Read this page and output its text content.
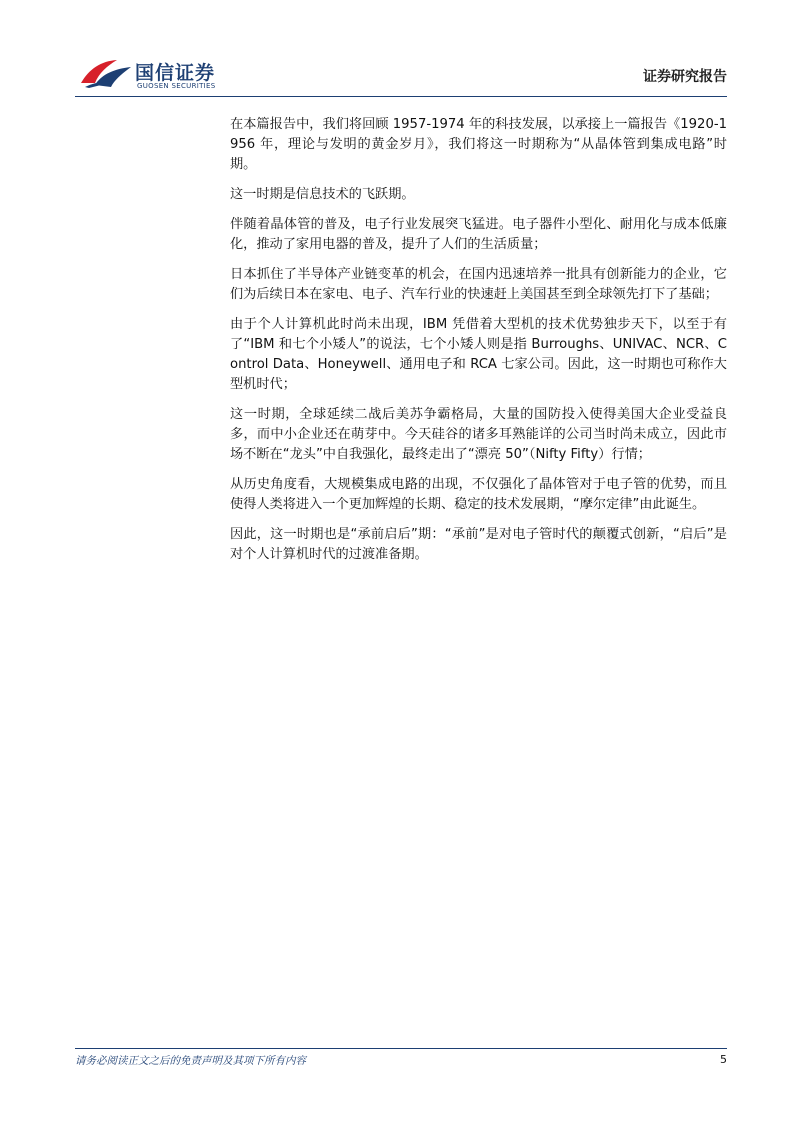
国信证券
GUOSEN SECURITIES
证券研究报告

在本篇报告中，我们将回顾 1957-1974 年的科技发展，以承接上一篇报告《1920-1956 年，理论与发明的黄金岁月》，我们将这一时期称为“从晶体管到集成电路”时期。

这一时期是信息技术的飞跃期。

伴随着晶体管的普及，电子行业发展突飞猛进。电子器件小型化、耐用化与成本低廉化，推动了家用电器的普及，提升了人们的生活质量；

日本抓住了半导体产业链变革的机会，在国内迅速培养一批具有创新能力的企业，它们为后续日本在家电、电子、汽车行业的快速赶上美国甚至到全球领先打下了基础；

由于个人计算机此时尚未出现，IBM 凭借着大型机的技术优势独步天下，以至于有了“IBM 和七个小矮人”的说法，七个小矮人则是指 Burroughs、UNIVAC、NCR、Control Data、Honeywell、通用电子和 RCA 七家公司。因此，这一时期也可称作大型机时代；

这一时期，全球延续二战后美苏争霸格局，大量的国防投入使得美国大企业受益良多，而中小企业还在萌芽中。今天硅谷的诸多耳熟能详的公司当时尚未成立，因此市场不断在“龙头”中自我强化，最终走出了“漂亮 50”（Nifty Fifty）行情；

从历史角度看，大规模集成电路的出现，不仅强化了晶体管对于电子管的优势，而且使得人类将进入一个更加辉煌的长期、稳定的技术发展期，“摩尔定律”由此诞生。

因此，这一时期也是“承前启后”期：“承前”是对电子管时代的颠覆式创新，“启后”是对个人计算机时代的过渡准备期。

请务必阅读正文之后的免责声明及其项下所有内容	5
